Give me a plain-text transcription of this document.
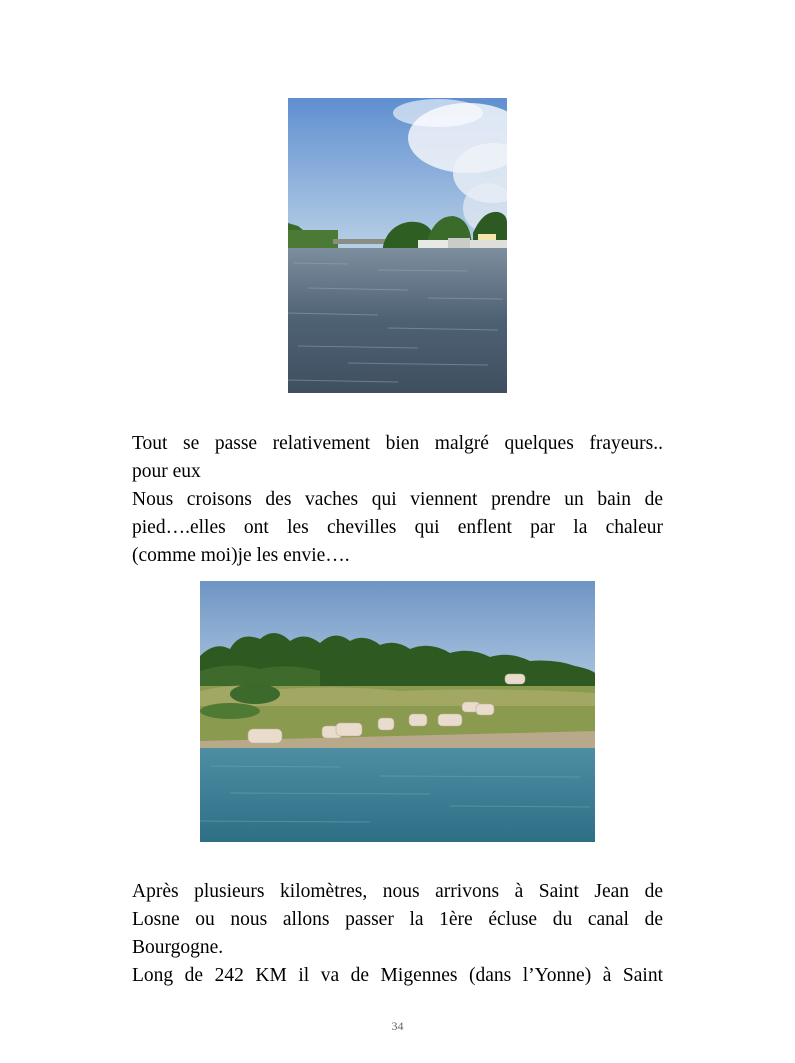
Tout se passe relativement bien malgré quelques frayeurs..
pour eux
Nous croisons des vaches qui viennent prendre un bain de
pied….elles ont les chevilles qui enflent par la chaleur
(comme moi)je les envie….
Après plusieurs kilomètres, nous arrivons à Saint Jean de
Losne ou nous allons passer la 1ère écluse du canal de
Bourgogne.
Long de 242 KM il va de Migennes (dans l’Yonne) à Saint
34
